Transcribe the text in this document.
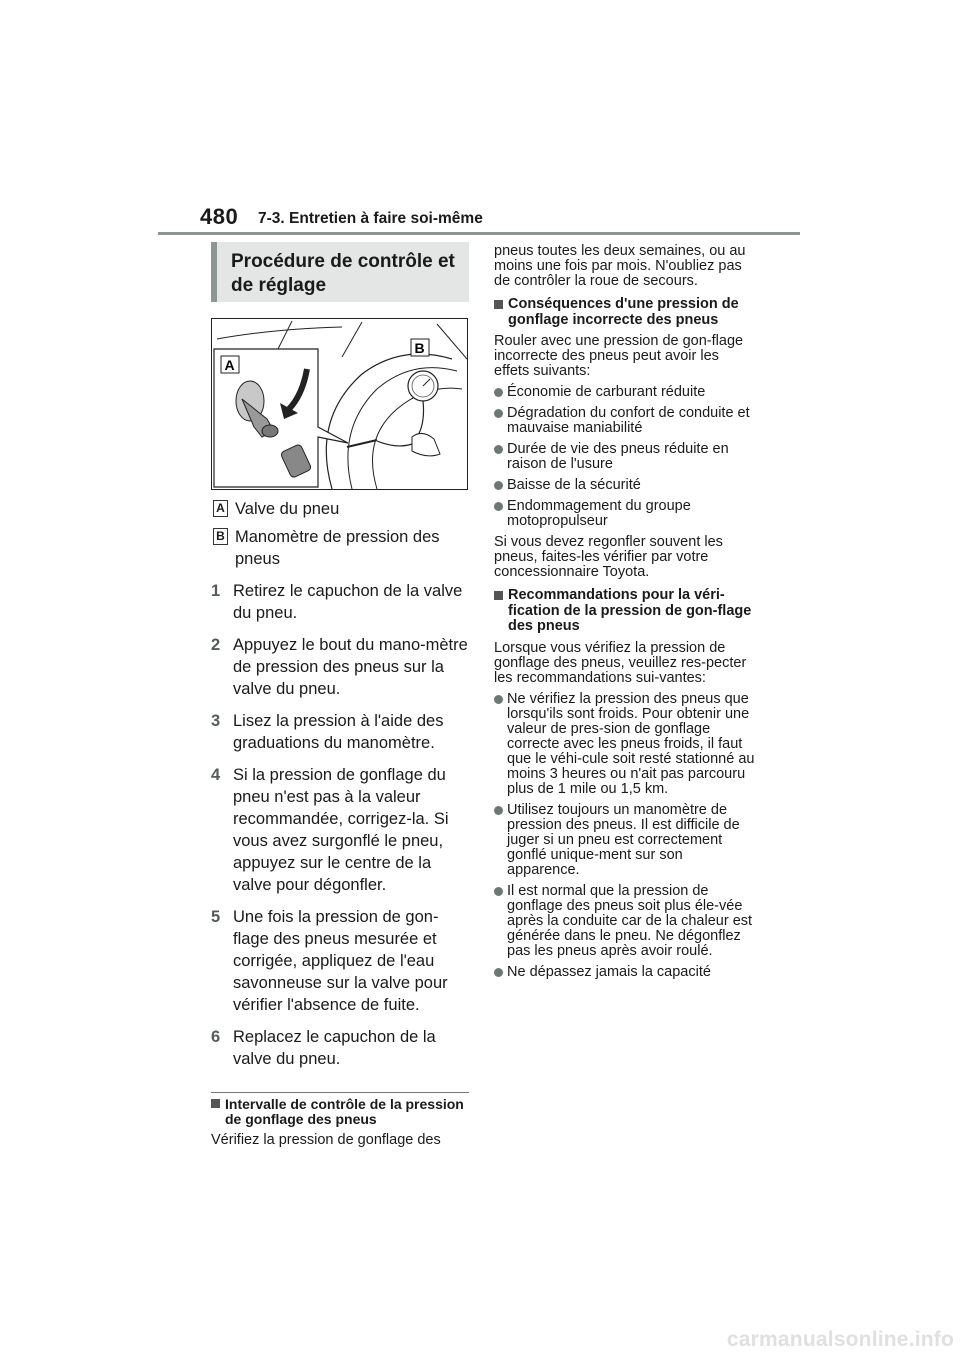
480 7-3. Entretien à faire soi-même
Procédure de contrôle et
de réglage
A
B
A Valve du pneu
B Manomètre de pression des pneus
1 Retirez le capuchon de la valve du pneu.
2 Appuyez le bout du mano-mètre de pression des pneus sur la valve du pneu.
3 Lisez la pression à l'aide des graduations du manomètre.
4 Si la pression de gonflage du pneu n'est pas à la valeur recommandée, corrigez-la. Si vous avez surgonflé le pneu, appuyez sur le centre de la valve pour dégonfler.
5 Une fois la pression de gon-flage des pneus mesurée et corrigée, appliquez de l'eau savonneuse sur la valve pour vérifier l'absence de fuite.
6 Replacez le capuchon de la valve du pneu.
Intervalle de contrôle de la pression de gonflage des pneus
Vérifiez la pression de gonflage des
pneus toutes les deux semaines, ou au moins une fois par mois. N'oubliez pas de contrôler la roue de secours.
Conséquences d'une pression de gonflage incorrecte des pneus
Rouler avec une pression de gon-flage incorrecte des pneus peut avoir les effets suivants:
Économie de carburant réduite
Dégradation du confort de conduite et mauvaise maniabilité
Durée de vie des pneus réduite en raison de l'usure
Baisse de la sécurité
Endommagement du groupe motopropulseur
Si vous devez regonfler souvent les pneus, faites-les vérifier par votre concessionnaire Toyota.
Recommandations pour la véri-fication de la pression de gon-flage des pneus
Lorsque vous vérifiez la pression de gonflage des pneus, veuillez res-pecter les recommandations sui-vantes:
Ne vérifiez la pression des pneus que lorsqu'ils sont froids. Pour obtenir une valeur de pres-sion de gonflage correcte avec les pneus froids, il faut que le véhi-cule soit resté stationné au moins 3 heures ou n'ait pas parcouru plus de 1 mile ou 1,5 km.
Utilisez toujours un manomètre de pression des pneus. Il est difficile de juger si un pneu est correctement gonflé unique-ment sur son apparence.
Il est normal que la pression de gonflage des pneus soit plus éle-vée après la conduite car de la chaleur est générée dans le pneu. Ne dégonflez pas les pneus après avoir roulé.
Ne dépassez jamais la capacité
carmanualsonline.info
